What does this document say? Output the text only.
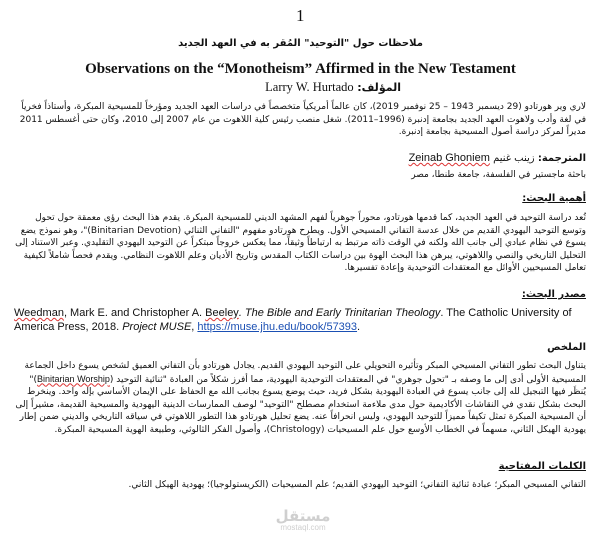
1
ملاحظات حول "التوحيد" المُقر به في العهد الجديد
Observations on the “Monotheism” Affirmed in the New Testament
المؤلف: Larry W. Hurtado
لاري وير هورتادو (29 ديسمبر 1943 – 25 نوفمبر 2019)، كان عالماً أمريكياً متخصصاً في دراسات العهد الجديد ومؤرخاً للمسيحية المبكرة، وأستاذاً فخرياً في لغة وأدب ولاهوت العهد الجديد بجامعة إدنبرة (1996–2011). شغل منصب رئيس كلية اللاهوت من عام 2007 إلى 2010، وكان حتى أغسطس 2011 مديراً لمركز دراسة أصول المسيحية بجامعة إدنبرة.
المترجمة: زينب غنيم Zeinab Ghoniem
باحثة ماجستير في الفلسفة، جامعة طنطا، مصر
أهمية البحث:
تُعد دراسة التوحيد في العهد الجديد، كما قدمها هورتادو، محوراً جوهرياً لفهم المشهد الديني للمسيحية المبكرة. يقدم هذا البحث رؤى معمقة حول تحول وتوسع التوحيد اليهودي القديم من خلال عدسة التفاني المسيحي الأول. ويطرح هورتادو مفهوم "التفاني الثنائي (Binitarian Devotion)"، وهو نموذج يضع يسوع في نظام عبادي إلى جانب الله ولكنه في الوقت ذاته مرتبط به ارتباطاً وثيقاً، مما يعكس خروجاً مبتكراً عن التوحيد اليهودي التقليدي. وعبر الاستناد إلى التحليل التاريخي والنصي واللاهوتي، يبرهن هذا البحث الهوة بين دراسات الكتاب المقدس وتاريخ الأديان وعلم اللاهوت النظامي. ويقدم فحصاً شاملاً لكيفية تعامل المسيحيين الأوائل مع المعتقدات التوحيدية وإعادة تفسيرها.
مصدر البحث:
Weedman, Mark E. and Christopher A. Beeley. The Bible and Early Trinitarian Theology. The Catholic University of America Press, 2018. Project MUSE, https://muse.jhu.edu/book/57393.
الملخص
يتناول البحث تطور التفاني المسيحي المبكر وتأثيره التحويلي على التوحيد اليهودي القديم. يجادل هورتادو بأن التفاني العميق لشخص يسوع داخل الجماعة المسيحية الأولى أدى إلى ما وصفه بـ "تحول جوهري" في المعتقدات التوحيدية اليهودية، مما أفرز شكلاً من العبادة "ثنائية التوحيد (Binitarian Worship)" يُنظَر فيها التبجيل لله إلى جانب يسوع في العبادة اليهودية بشكل فريد، حيث يوضع يسوع بجانب الله مع الحفاظ على الإيمان الأساسي بإله واحد. وينخرط البحث بشكل نقدي في النقاشات الأكاديمية حول مدى ملاءمة استخدام مصطلح "التوحيد" لوصف الممارسات الدينية اليهودية والمسيحية القديمة، مشيراً إلى أن المسيحية المبكرة تمثل تكيفاً مميزاً للتوحيد اليهودي، وليس انحرافاً عنه. يضع تحليل هورتادو هذا التطور اللاهوتي في سياقه التاريخي والديني ضمن إطار يهودية الهيكل الثاني، مسهماً في الخطاب الأوسع حول علم المسيحيات (Christology)، وأصول الفكر الثالوثي، وطبيعة الهوية المسيحية المبكرة.
الكلمات المفتاحية
التفاني المسيحي المبكر؛ عبادة ثنائية التفاني؛ التوحيد اليهودي القديم؛ علم المسيحيات (الكريستولوجيا)؛ يهودية الهيكل الثاني.
مستقل
mostaql.com
